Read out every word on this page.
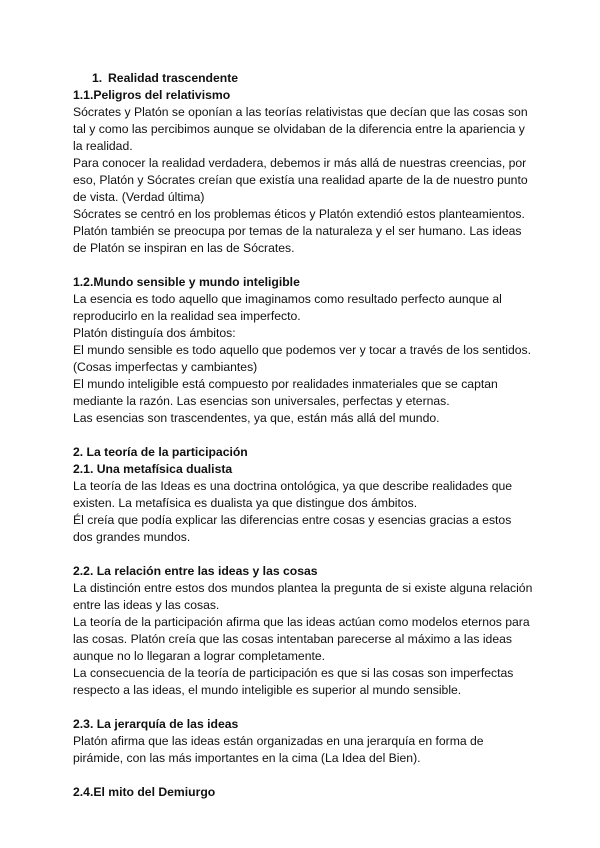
1. Realidad trascendente

1.1.Peligros del relativismo

Sócrates y Platón se oponían a las teorías relativistas que decían que las cosas son tal y como las percibimos aunque se olvidaban de la diferencia entre la apariencia y la realidad.

Para conocer la realidad verdadera, debemos ir más allá de nuestras creencias, por eso, Platón y Sócrates creían que existía una realidad aparte de la de nuestro punto de vista. (Verdad última)

Sócrates se centró en los problemas éticos y Platón extendió estos planteamientos.

Platón también se preocupa por temas de la naturaleza y el ser humano. Las ideas de Platón se inspiran en las de Sócrates.

1.2.Mundo sensible y mundo inteligible

La esencia es todo aquello que imaginamos como resultado perfecto aunque al reproducirlo en la realidad sea imperfecto.

Platón distinguía dos ámbitos:

El mundo sensible es todo aquello que podemos ver y tocar a través de los sentidos. (Cosas imperfectas y cambiantes)

El mundo inteligible está compuesto por realidades inmateriales que se captan mediante la razón. Las esencias son universales, perfectas y eternas.

Las esencias son trascendentes, ya que, están más allá del mundo.

2. La teoría de la participación

2.1. Una metafísica dualista

La teoría de las Ideas es una doctrina ontológica, ya que describe realidades que existen. La metafísica es dualista ya que distingue dos ámbitos.

Él creía que podía explicar las diferencias entre cosas y esencias gracias a estos dos grandes mundos.

2.2. La relación entre las ideas y las cosas

La distinción entre estos dos mundos plantea la pregunta de si existe alguna relación entre las ideas y las cosas.

La teoría de la participación afirma que las ideas actúan como modelos eternos para las cosas. Platón creía que las cosas intentaban parecerse al máximo a las ideas aunque no lo llegaran a lograr completamente.

La consecuencia de la teoría de participación es que si las cosas son imperfectas respecto a las ideas, el mundo inteligible es superior al mundo sensible.

2.3. La jerarquía de las ideas

Platón afirma que las ideas están organizadas en una jerarquía en forma de pirámide, con las más importantes en la cima (La Idea del Bien).

2.4.El mito del Demiurgo
